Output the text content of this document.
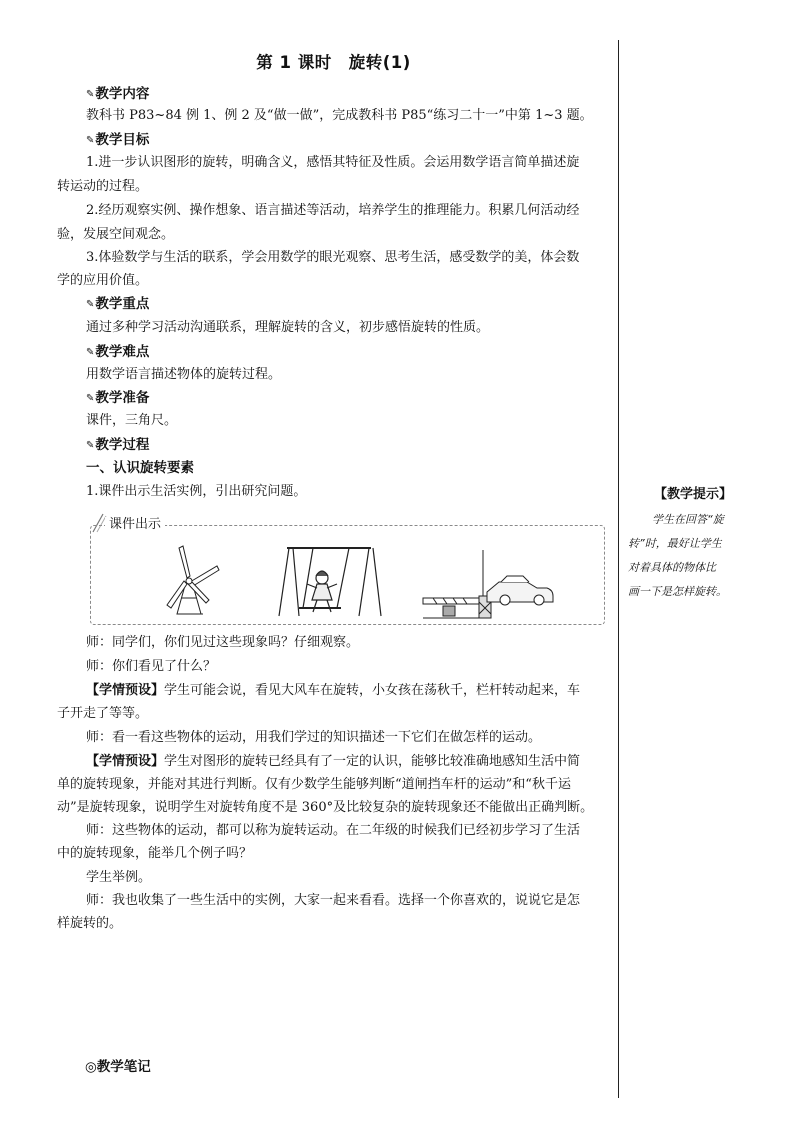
第 1 课时　旋转(1)
✎教学内容
教科书 P83~84 例 1、例 2 及“做一做”，完成教科书 P85“练习二十一”中第 1~3 题。
✎教学目标
1.进一步认识图形的旋转，明确含义，感悟其特征及性质。会运用数学语言简单描述旋
转运动的过程。
2.经历观察实例、操作想象、语言描述等活动，培养学生的推理能力。积累几何活动经
验，发展空间观念。
3.体验数学与生活的联系，学会用数学的眼光观察、思考生活，感受数学的美，体会数
学的应用价值。
✎教学重点
通过多种学习活动沟通联系，理解旋转的含义，初步感悟旋转的性质。
✎教学难点
用数学语言描述物体的旋转过程。
✎教学准备
课件，三角尺。
✎教学过程
一、认识旋转要素
1.课件出示生活实例，引出研究问题。
课件出示
师：同学们，你们见过这些现象吗？仔细观察。
师：你们看见了什么？
【学情预设】学生可能会说，看见大风车在旋转，小女孩在荡秋千，栏杆转动起来，车
子开走了等等。
师：看一看这些物体的运动，用我们学过的知识描述一下它们在做怎样的运动。
【学情预设】学生对图形的旋转已经具有了一定的认识，能够比较准确地感知生活中简
单的旋转现象，并能对其进行判断。仅有少数学生能够判断“道闸挡车杆的运动”和“秋千运
动”是旋转现象，说明学生对旋转角度不是 360°及比较复杂的旋转现象还不能做出正确判断。
师：这些物体的运动，都可以称为旋转运动。在二年级的时候我们已经初步学习了生活
中的旋转现象，能举几个例子吗？
学生举例。
师：我也收集了一些生活中的实例，大家一起来看看。选择一个你喜欢的，说说它是怎
样旋转的。
【教学提示】
学生在回答“旋
转”时，最好让学生
对着具体的物体比
画一下是怎样旋转。
◎教学笔记
